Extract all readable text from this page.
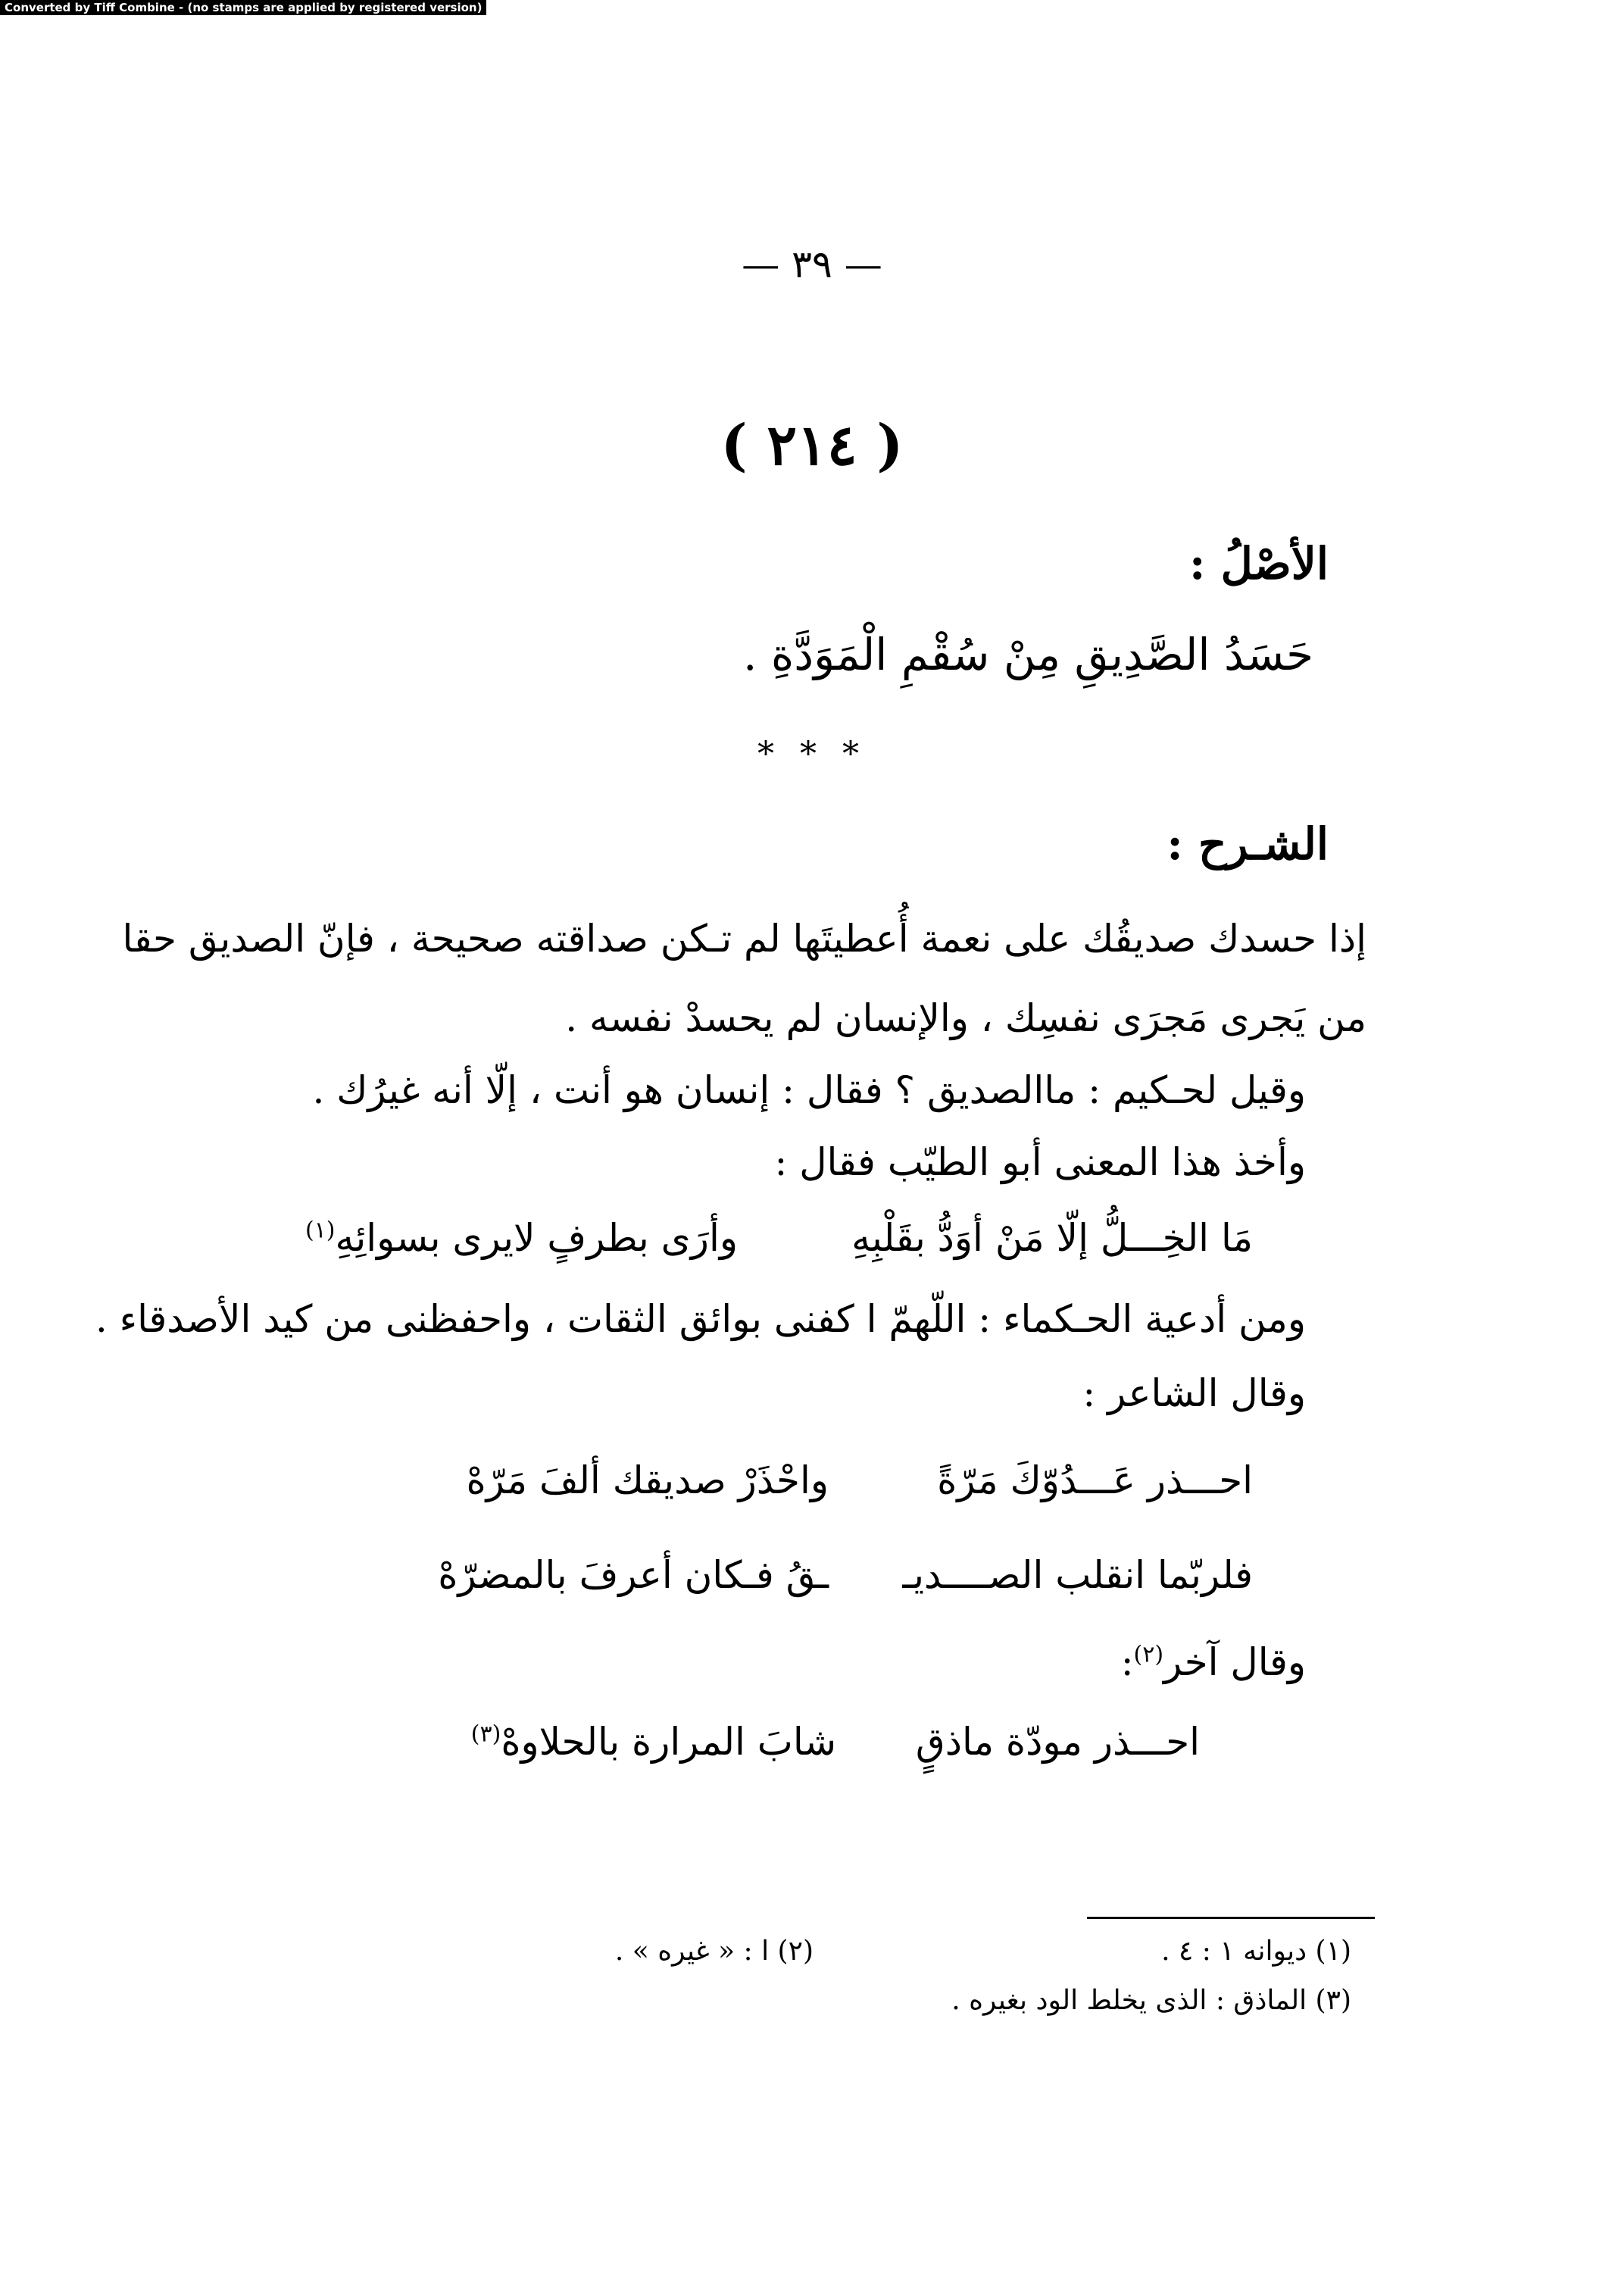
Converted by Tiff Combine - (no stamps are applied by registered version)
— ٣٩ —
( ٢١٤ )
الأصْلُ :
حَسَدُ الصَّدِيقِ مِنْ سُقْمِ الْمَوَدَّةِ .
* * *
الشـرح :
إذا حسدك صديقُك على نعمة أُعطيتَها لم تـكن صداقته صحيحة ، فإنّ الصديق حقا
من يَجرى مَجرَى نفسِك ، والإنسان لم يحسدْ نفسه .
وقيل لحـكيم : ماالصديق ؟ فقال : إنسان هو أنت ، إلّا أنه غيرُك .
وأخذ هذا المعنى أبو الطيّب فقال :
مَا الخِـــلُّ إلّا مَنْ أوَدُّ بقَلْبِهِ
وأرَى بطرفٍ لايرى بسوائِهِ$^{(١)}$
ومن أدعية الحـكماء : اللّهمّ ا كفنى بوائق الثقات ، واحفظنى من كيد الأصدقاء .
وقال الشاعر :
احـــذر عَـــدُوّكَ مَرّةً
واحْذَرْ صديقك ألفَ مَرّهْ
فلربّما انقلب الصــــديـ
ـقُ فـكان أعرفَ بالمضرّهْ
وقال آخر$^{(٢)}$:
احـــذر مودّة ماذقٍ
شابَ المرارة بالحلاوهْ$^{(٣)}$
(١) ديوانه ١ : ٤ .
(٢) ا : « غيره » .
(٣) الماذق : الذى يخلط الود بغيره .
